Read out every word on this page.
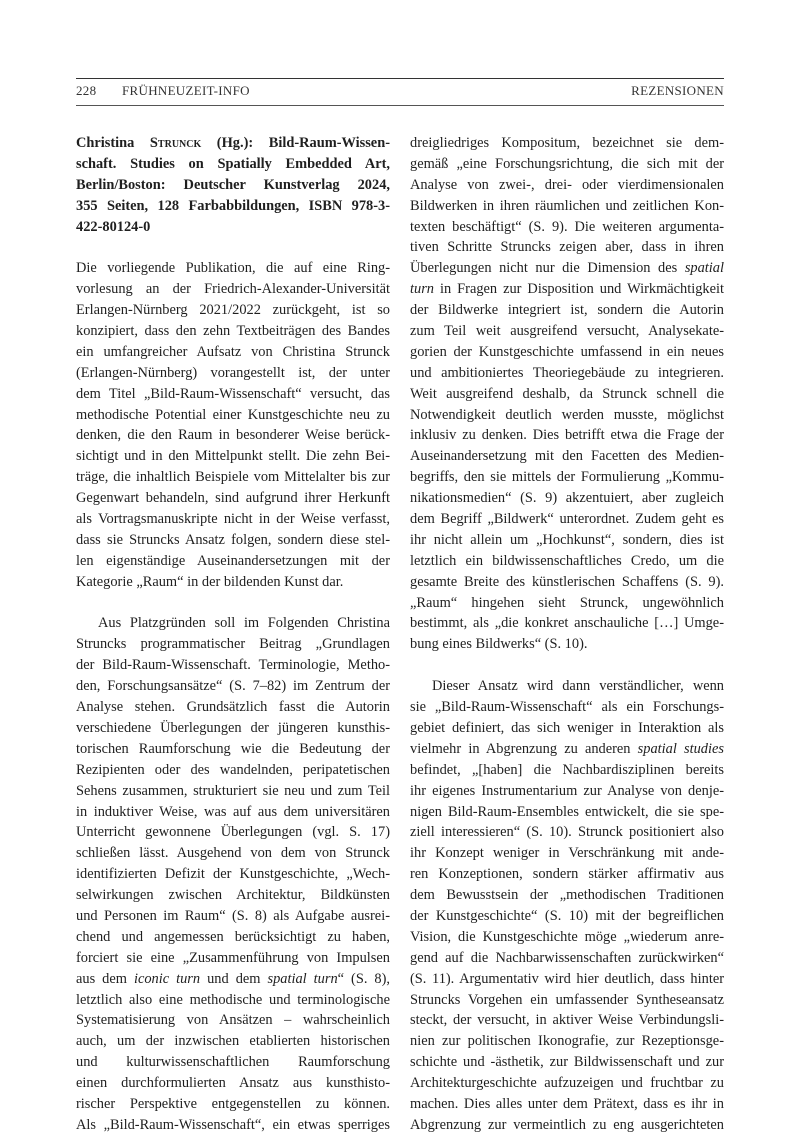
228	FRÜHNEUZEIT-INFO	REZENSIONEN
Christina Strunck (Hg.): Bild-Raum-Wissen-
schaft. Studies on Spatially Embedded Art,
Berlin/Boston: Deutscher Kunstverlag 2024,
355 Seiten, 128 Farbabbildungen, ISBN 978-3-
422-80124-0
Die vorliegende Publikation, die auf eine Ring-
vorlesung an der Friedrich-Alexander-Universität
Erlangen-Nürnberg 2021/2022 zurückgeht, ist so
konzipiert, dass den zehn Textbeiträgen des Bandes
ein umfangreicher Aufsatz von Christina Strunck
(Erlangen-Nürnberg) vorangestellt ist, der unter
dem Titel „Bild-Raum-Wissenschaft“ versucht, das
methodische Potential einer Kunstgeschichte neu zu
denken, die den Raum in besonderer Weise berück-
sichtigt und in den Mittelpunkt stellt. Die zehn Bei-
träge, die inhaltlich Beispiele vom Mittelalter bis zur
Gegenwart behandeln, sind aufgrund ihrer Herkunft
als Vortragsmanuskripte nicht in der Weise verfasst,
dass sie Struncks Ansatz folgen, sondern diese stel-
len eigenständige Auseinandersetzungen mit der
Kategorie „Raum“ in der bildenden Kunst dar.
Aus Platzgründen soll im Folgenden Christina
Struncks programmatischer Beitrag „Grundlagen
der Bild-Raum-Wissenschaft. Terminologie, Metho-
den, Forschungsansätze“ (S. 7–82) im Zentrum der
Analyse stehen. Grundsätzlich fasst die Autorin
verschiedene Überlegungen der jüngeren kunsthis-
torischen Raumforschung wie die Bedeutung der
Rezipienten oder des wandelnden, peripatetischen
Sehens zusammen, strukturiert sie neu und zum Teil
in induktiver Weise, was auf aus dem universitären
Unterricht gewonnene Überlegungen (vgl. S. 17)
schließen lässt. Ausgehend von dem von Strunck
identifizierten Defizit der Kunstgeschichte, „Wech-
selwirkungen zwischen Architektur, Bildkünsten
und Personen im Raum“ (S. 8) als Aufgabe ausrei-
chend und angemessen berücksichtigt zu haben,
forciert sie eine „Zusammenführung von Impulsen
aus dem iconic turn und dem spatial turn“ (S. 8),
letztlich also eine methodische und terminologische
Systematisierung von Ansätzen – wahrscheinlich
auch, um der inzwischen etablierten historischen
und kulturwissenschaftlichen Raumforschung
einen durchformulierten Ansatz aus kunsthisto-
rischer Perspektive entgegenstellen zu können.
Als „Bild-Raum-Wissenschaft“, ein etwas sperriges
dreigliedriges Kompositum, bezeichnet sie dem-
gemäß „eine Forschungsrichtung, die sich mit der
Analyse von zwei-, drei- oder vierdimensionalen
Bildwerken in ihren räumlichen und zeitlichen Kon-
texten beschäftigt“ (S. 9). Die weiteren argumenta-
tiven Schritte Struncks zeigen aber, dass in ihren
Überlegungen nicht nur die Dimension des spatial
turn in Fragen zur Disposition und Wirkmächtigkeit
der Bildwerke integriert ist, sondern die Autorin
zum Teil weit ausgreifend versucht, Analysekate-
gorien der Kunstgeschichte umfassend in ein neues
und ambitioniertes Theoriegebäude zu integrieren.
Weit ausgreifend deshalb, da Strunck schnell die
Notwendigkeit deutlich werden musste, möglichst
inklusiv zu denken. Dies betrifft etwa die Frage der
Auseinandersetzung mit den Facetten des Medien-
begriffs, den sie mittels der Formulierung „Kommu-
nikationsmedien“ (S. 9) akzentuiert, aber zugleich
dem Begriff „Bildwerk“ unterordnet. Zudem geht es
ihr nicht allein um „Hochkunst“, sondern, dies ist
letztlich ein bildwissenschaftliches Credo, um die
gesamte Breite des künstlerischen Schaffens (S. 9).
„Raum“ hingehen sieht Strunck, ungewöhnlich
bestimmt, als „die konkret anschauliche […] Umge-
bung eines Bildwerks“ (S. 10).
Dieser Ansatz wird dann verständlicher, wenn
sie „Bild-Raum-Wissenschaft“ als ein Forschungs-
gebiet definiert, das sich weniger in Interaktion als
vielmehr in Abgrenzung zu anderen spatial studies
befindet, „[haben] die Nachbardisziplinen bereits
ihr eigenes Instrumentarium zur Analyse von denje-
nigen Bild-Raum-Ensembles entwickelt, die sie spe-
ziell interessieren“ (S. 10). Strunck positioniert also
ihr Konzept weniger in Verschränkung mit ande-
ren Konzeptionen, sondern stärker affirmativ aus
dem Bewusstsein der „methodischen Traditionen
der Kunstgeschichte“ (S. 10) mit der begreiflichen
Vision, die Kunstgeschichte möge „wiederum anre-
gend auf die Nachbarwissenschaften zurückwirken“
(S. 11). Argumentativ wird hier deutlich, dass hinter
Struncks Vorgehen ein umfassender Syntheseansatz
steckt, der versucht, in aktiver Weise Verbindungsli-
nien zur politischen Ikonografie, zur Rezeptionsge-
schichte und -ästhetik, zur Bildwissenschaft und zur
Architekturgeschichte aufzuzeigen und fruchtbar zu
machen. Dies alles unter dem Prätext, dass es ihr in
Abgrenzung zur vermeintlich zu eng ausgerichteten
